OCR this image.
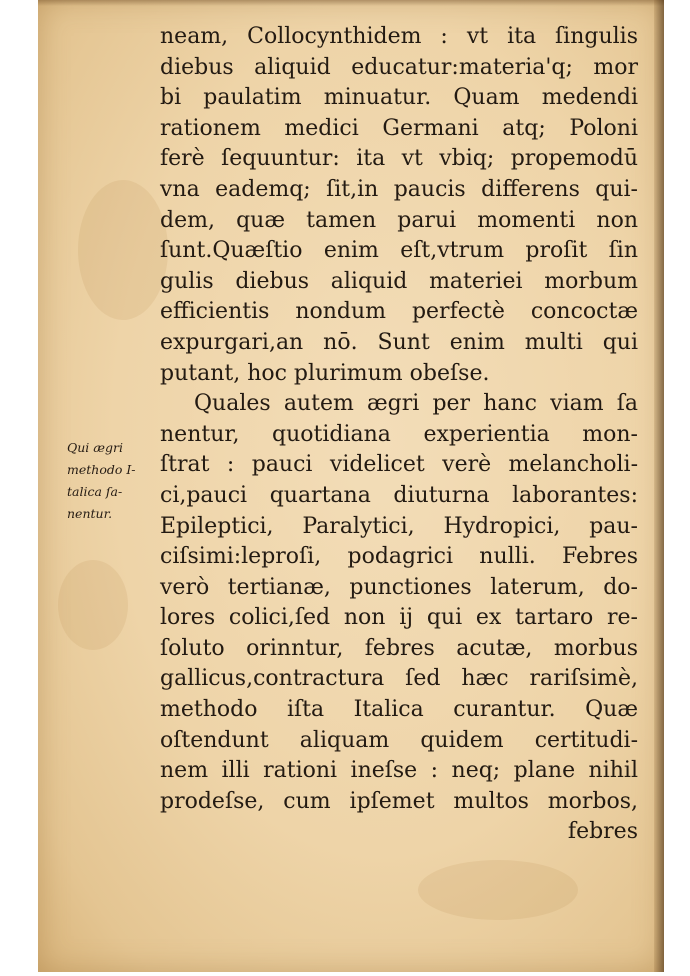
Qui ægri
methodo I-
talica ſa-
nentur.
neam, Collocynthidem : vt ita ſingulis
diebus aliquid educatur:materia'q; mor
bi paulatim minuatur. Quam medendi
rationem medici Germani atq; Poloni
ferè ſequuntur: ita vt vbiq; propemodū
vna eademq; ſit,in paucis differens qui-
dem, quæ tamen parui momenti non
ſunt.Quæſtio enim eſt,vtrum proſit ſin
gulis diebus aliquid materiei morbum
efficientis nondum perfectè concoctæ
expurgari,an nō. Sunt enim multi qui
putant, hoc plurimum obeſse.
Quales autem ægri per hanc viam ſa
nentur, quotidiana experientia mon-
ſtrat : pauci videlicet verè melancholi-
ci,pauci quartana diuturna laborantes:
Epileptici, Paralytici, Hydropici, pau-
ciſsimi:leproſi, podagrici nulli. Febres
verò tertianæ, punctiones laterum, do-
lores colici,ſed non ij qui ex tartaro re-
ſoluto orinntur, febres acutæ, morbus
gallicus,contractura ſed hæc rariſsimè,
methodo iſta Italica curantur. Quæ
oſtendunt aliquam quidem certitudi-
nem illi rationi ineſse : neq; plane nihil
prodeſse, cum ipſemet multos morbos,
febres
